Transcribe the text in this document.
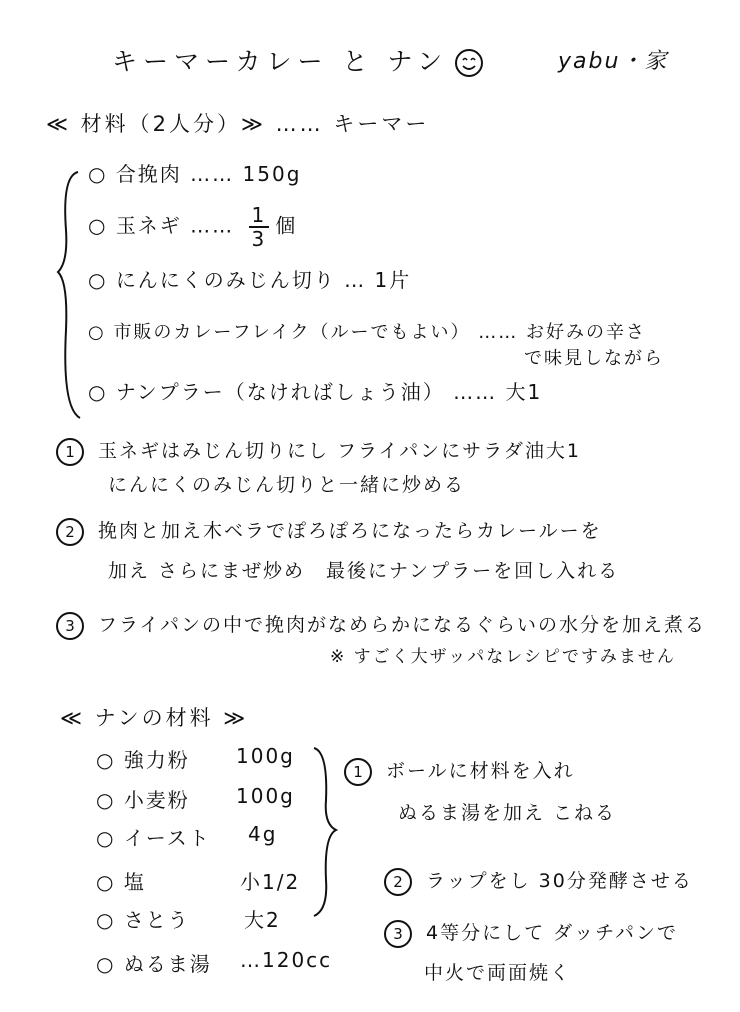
キーマーカレー と ナン	yabu・家
≪ 材料（2人分）≫ …… キーマー
○ 合挽肉 …… 150g
○ 玉ネギ …… $\frac{1}{3}$ 個
○ にんにくのみじん切り … 1片
○ 市販のカレーフレイク（ルーでもよい） …… お好みの辛さ
で味見しながら
○ ナンプラー（なければしょう油） …… 大1
1 玉ネギはみじん切りにし フライパンにサラダ油大1
にんにくのみじん切りと一緒に炒める
2 挽肉と加え木ベラでぽろぽろになったらカレールーを
加え さらにまぜ炒め　最後にナンプラーを回し入れる
3 フライパンの中で挽肉がなめらかになるぐらいの水分を加え煮る
※ すごく大ザッパなレシピですみません
≪ ナンの材料 ≫
○ 強力粉 100g
○ 小麦粉 100g
○ イースト 4g
○ 塩	小1/2
○ さとう	大2
○ ぬるま湯 …120cc
1 ボールに材料を入れ
ぬるま湯を加え こねる
2 ラップをし 30分発酵させる
3 4等分にして ダッチパンで
中火で両面焼く
